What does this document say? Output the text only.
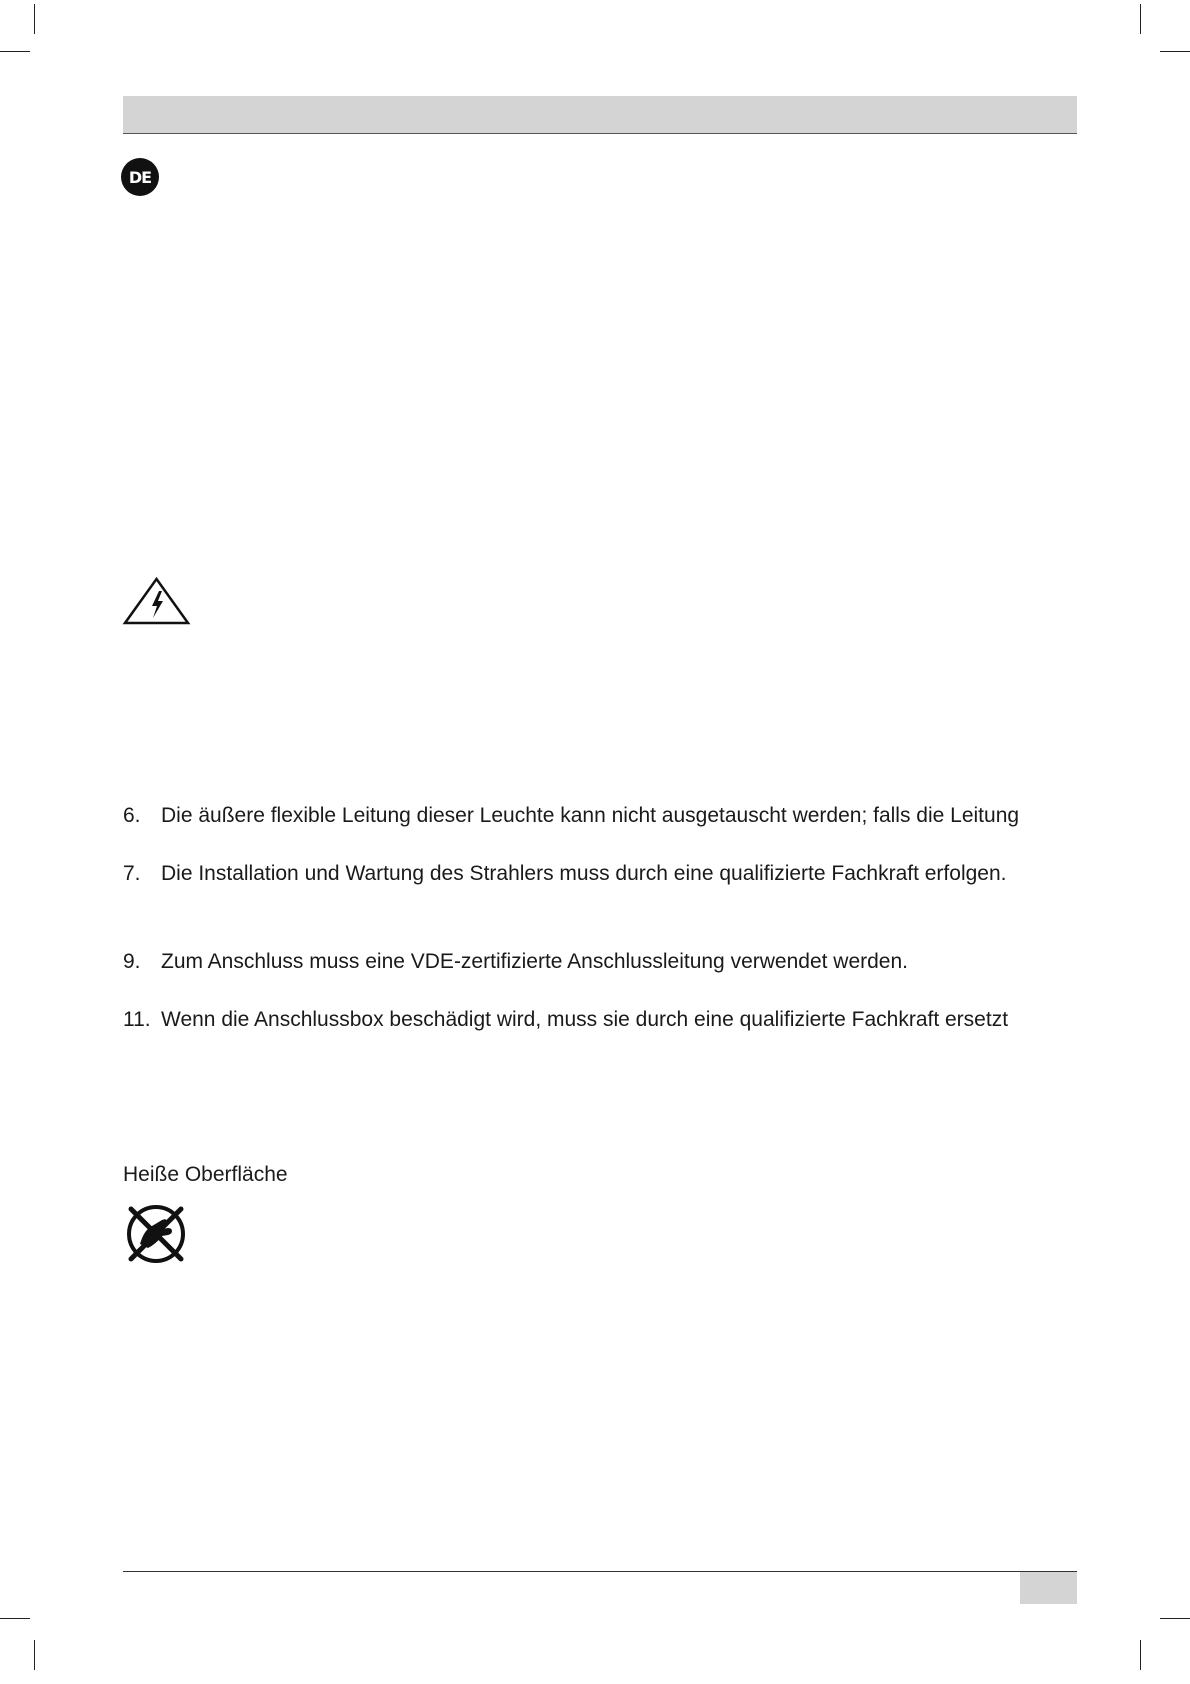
DE
6. Die äußere flexible Leitung dieser Leuchte kann nicht ausgetauscht werden; falls die Leitung
7. Die Installation und Wartung des Strahlers muss durch eine qualifizierte Fachkraft erfolgen.
9. Zum Anschluss muss eine VDE-zertifizierte Anschlussleitung verwendet werden.
11. Wenn die Anschlussbox beschädigt wird, muss sie durch eine qualifizierte Fachkraft ersetzt
Heiße Oberfläche
